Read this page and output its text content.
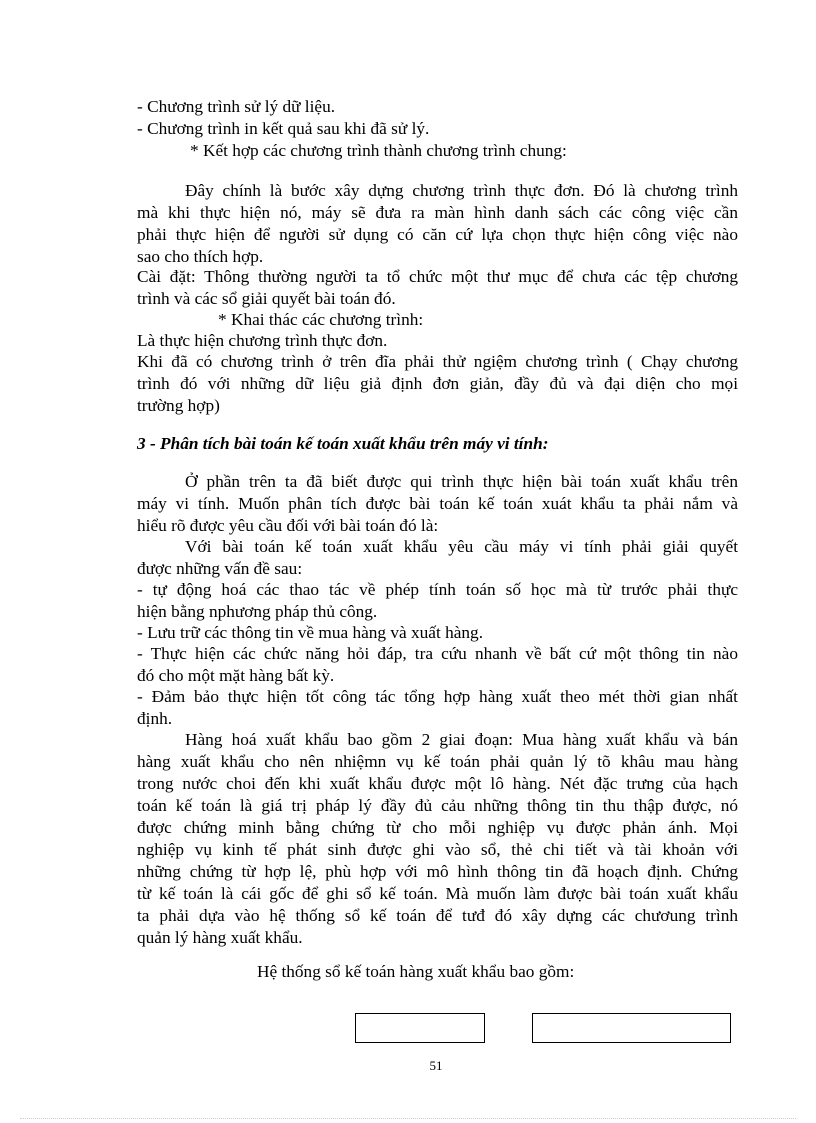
- Chương trình sử lý dữ liệu.
- Chương trình in kết quả sau khi đã sử lý.
* Kết hợp các chương trình thành chương trình chung:
Đây chính là bước xây dựng chương trình thực đơn. Đó là chương trình
mà khi thực hiện nó, máy sẽ đưa ra màn hình danh sách các công việc cần
phải thực hiện để người sử dụng có căn cứ lựa chọn thực hiện công việc nào
sao cho thích hợp.
Cài đặt: Thông thường người ta tổ chức một thư mục để chưa các tệp chương
trình và các sổ giải quyết bài toán đó.
* Khai thác các chương trình:
Là thực hiện chương trình thực đơn.
Khi đã có chương trình ở trên đĩa phải thử ngiệm chương trình ( Chạy chương
trình đó với những dữ liệu giả định đơn giản, đầy đủ và đại diện cho mọi
trường hợp)
3 - Phân tích bài toán kế toán xuất khẩu trên máy vi tính:
Ở phần trên ta đã biết được qui trình thực hiện bài toán xuất khẩu trên
máy vi tính. Muốn phân tích được bài toán kế toán xuát khẩu ta phải nắm và
hiểu rõ được yêu cầu đối với bài toán đó là:
Với bài toán kế toán xuất khẩu yêu cầu máy vi tính phải giải quyết
được những vấn đề sau:
- tự động hoá các thao tác về phép tính toán số học mà từ trước phải thực
hiện bằng nphương pháp thủ công.
- Lưu trữ các thông tin về mua hàng và xuất hàng.
- Thực hiện các chức năng hỏi đáp, tra cứu nhanh về bất cứ một thông tin nào
đó cho một mặt hàng bất kỳ.
- Đảm bảo thực hiện tốt công tác tổng hợp hàng xuất theo mét thời gian nhất
định.
Hàng hoá xuất khẩu bao gồm 2 giai đoạn: Mua hàng xuất khẩu và bán
hàng xuất khẩu cho nên nhiệmn vụ kế toán phải quản lý tõ khâu mau hàng
trong nước choi đến khi xuất khẩu được một lô hàng. Nét đặc trưng của hạch
toán kế toán là giá trị pháp lý đầy đủ cảu những thông tin thu thập được, nó
được chứng minh bằng chứng từ cho mỗi nghiệp vụ được phản ánh. Mọi
nghiệp vụ kinh tế phát sinh được ghi vào sổ, thẻ chi tiết và tài khoản với
những chứng từ hợp lệ, phù hợp với mô hình thông tin đã hoạch định. Chứng
từ kế toán là cái gốc để ghi sổ kế toán. Mà muốn làm được bài toán xuất khẩu
ta phải dựa vào hệ thống sổ kế toán để tưđ đó xây dựng các chươung trình
quản lý hàng xuất khẩu.
Hệ thống sổ kế toán hàng xuất khẩu bao gồm:
51
